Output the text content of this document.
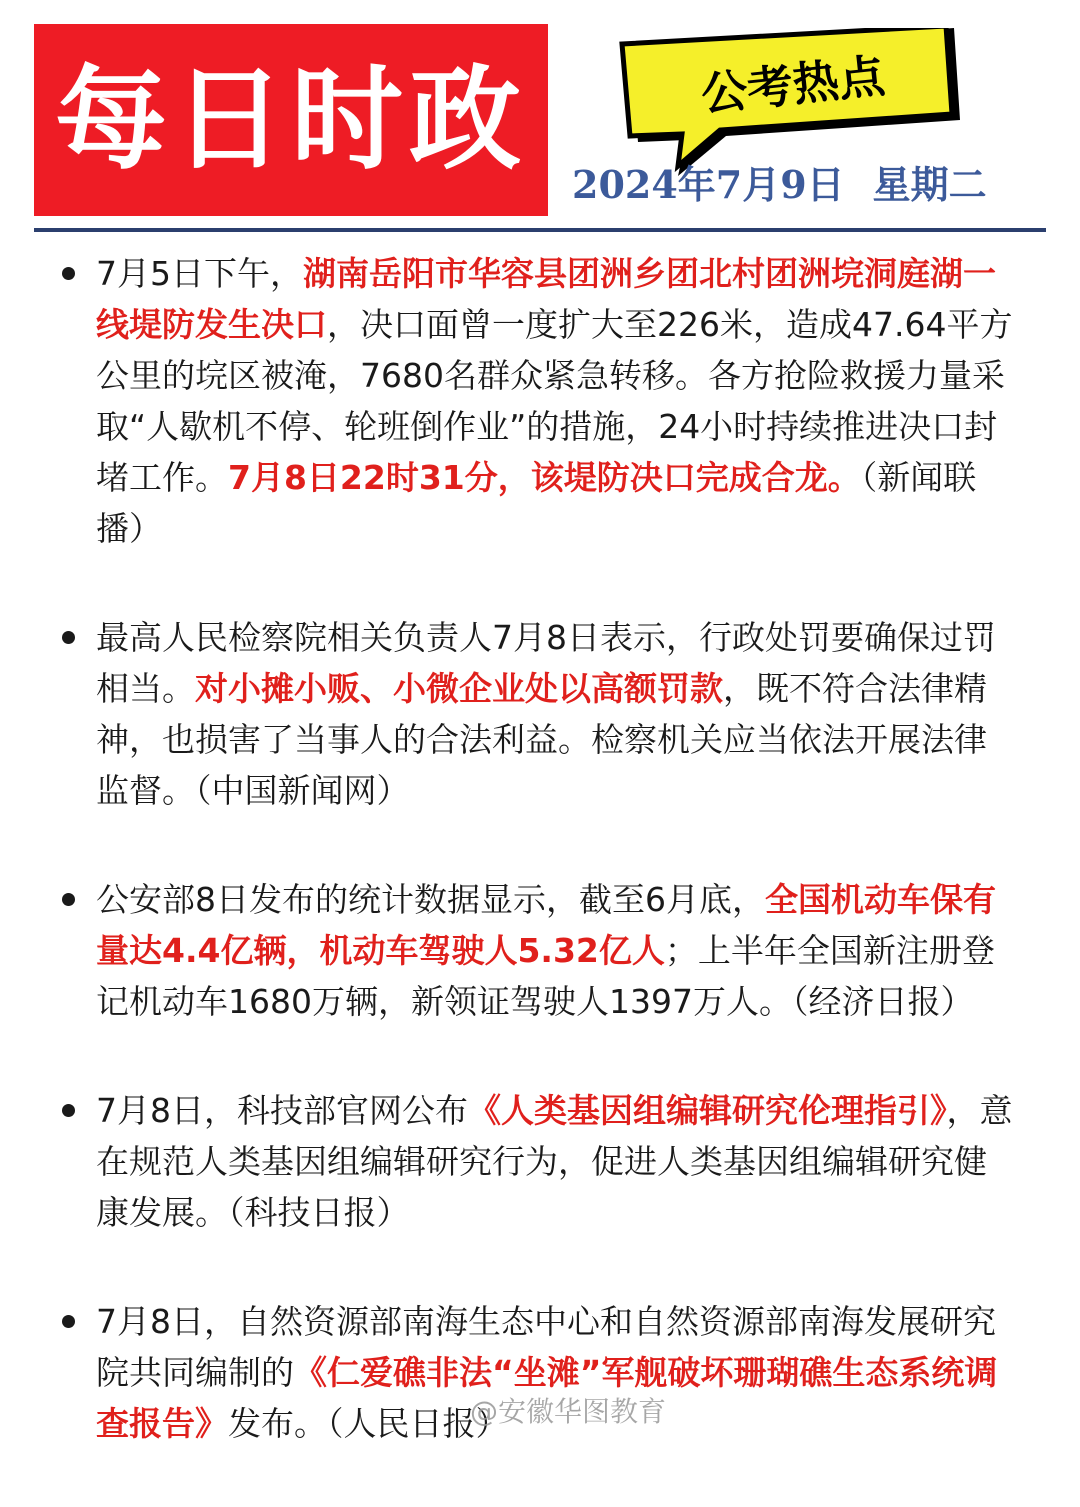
每日时政	公考热点
2024年7月9日 星期二
7月5日下午，湖南岳阳市华容县团洲乡团北村团洲垸洞庭湖一线堤防发生决口，决口面曾一度扩大至226米，造成47.64平方公里的垸区被淹，7680名群众紧急转移。各方抢险救援力量采取“人歇机不停、轮班倒作业”的措施，24小时持续推进决口封堵工作。7月8日22时31分，该堤防决口完成合龙。（新闻联播）
最高人民检察院相关负责人7月8日表示，行政处罚要确保过罚相当。对小摊小贩、小微企业处以高额罚款，既不符合法律精神，也损害了当事人的合法利益。检察机关应当依法开展法律监督。（中国新闻网）
公安部8日发布的统计数据显示，截至6月底，全国机动车保有量达4.4亿辆，机动车驾驶人5.32亿人；上半年全国新注册登记机动车1680万辆，新领证驾驶人1397万人。（经济日报）
7月8日，科技部官网公布《人类基因组编辑研究伦理指引》，意在规范人类基因组编辑研究行为，促进人类基因组编辑研究健康发展。（科技日报）
7月8日，自然资源部南海生态中心和自然资源部南海发展研究院共同编制的《仁爱礁非法“坐滩”军舰破坏珊瑚礁生态系统调查报告》发布。（人民日报）
@安徽华图教育
